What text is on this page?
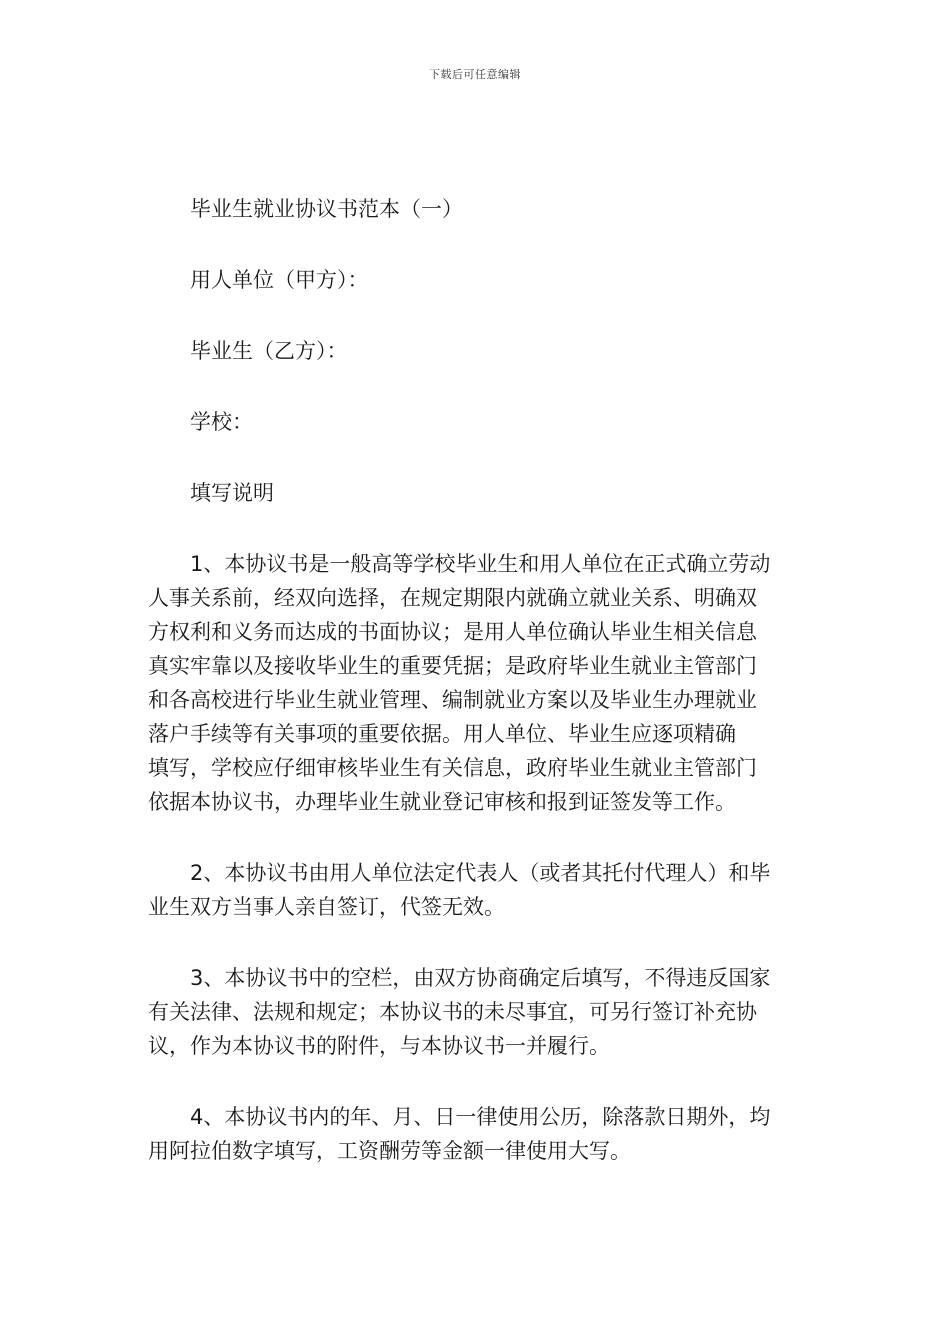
下载后可任意编辑
毕业生就业协议书范本（一）
用人单位（甲方）：
毕业生（乙方）：
学校：
填写说明
1、本协议书是一般高等学校毕业生和用人单位在正式确立劳动
人事关系前，经双向选择，在规定期限内就确立就业关系、明确双
方权利和义务而达成的书面协议；是用人单位确认毕业生相关信息
真实牢靠以及接收毕业生的重要凭据；是政府毕业生就业主管部门
和各高校进行毕业生就业管理、编制就业方案以及毕业生办理就业
落户手续等有关事项的重要依据。用人单位、毕业生应逐项精确
填写，学校应仔细审核毕业生有关信息，政府毕业生就业主管部门
依据本协议书，办理毕业生就业登记审核和报到证签发等工作。
2、本协议书由用人单位法定代表人（或者其托付代理人）和毕
业生双方当事人亲自签订，代签无效。
3、本协议书中的空栏，由双方协商确定后填写，不得违反国家
有关法律、法规和规定；本协议书的未尽事宜，可另行签订补充协
议，作为本协议书的附件，与本协议书一并履行。
4、本协议书内的年、月、日一律使用公历，除落款日期外，均
用阿拉伯数字填写，工资酬劳等金额一律使用大写。
